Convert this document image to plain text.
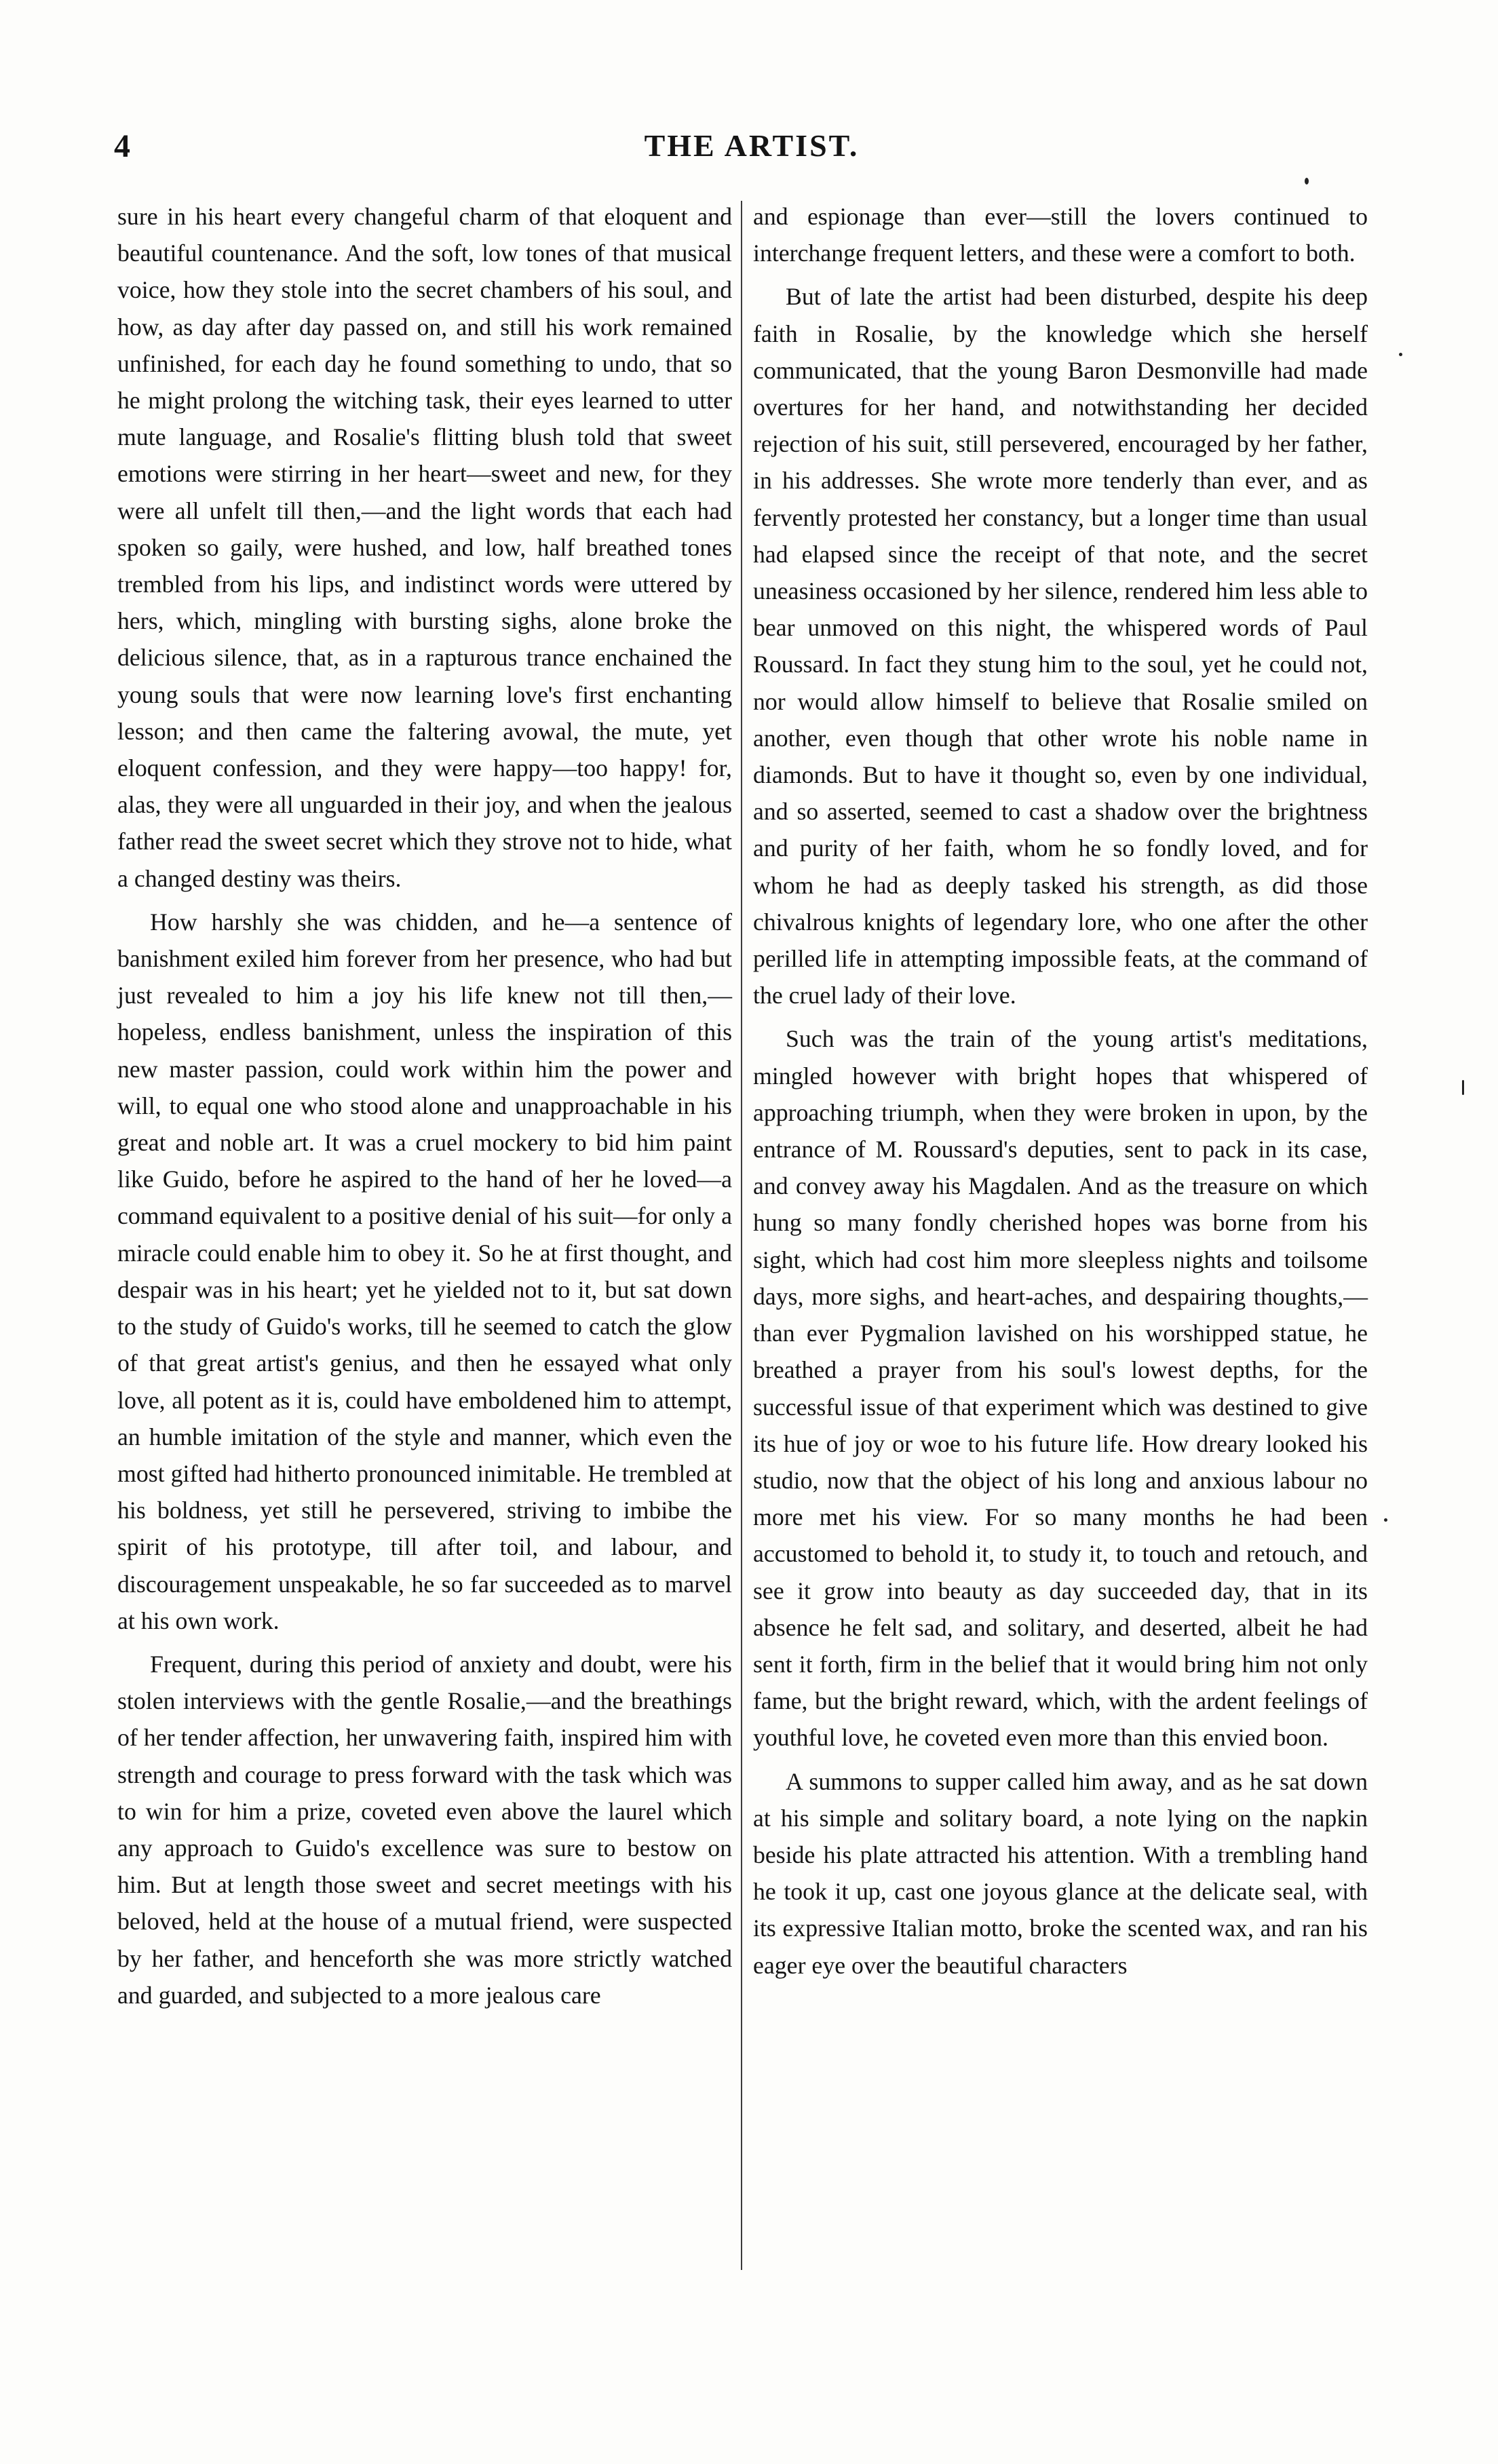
4	THE ARTIST.

sure in his heart every changeful charm of that eloquent and beautiful countenance. And the soft, low tones of that musical voice, how they stole into the secret chambers of his soul, and how, as day after day passed on, and still his work remained unfinished, for each day he found something to undo, that so he might prolong the witching task, their eyes learned to utter mute language, and Rosalie's flitting blush told that sweet emotions were stirring in her heart—sweet and new, for they were all unfelt till then,—and the light words that each had spoken so gaily, were hushed, and low, half breathed tones trembled from his lips, and indistinct words were uttered by hers, which, mingling with bursting sighs, alone broke the delicious silence, that, as in a rapturous trance enchained the young souls that were now learning love's first enchanting lesson; and then came the faltering avowal, the mute, yet eloquent confession, and they were happy—too happy! for, alas, they were all unguarded in their joy, and when the jealous father read the sweet secret which they strove not to hide, what a changed destiny was theirs.

How harshly she was chidden, and he—a sentence of banishment exiled him forever from her presence, who had but just revealed to him a joy his life knew not till then,—hopeless, endless banishment, unless the inspiration of this new master passion, could work within him the power and will, to equal one who stood alone and unapproachable in his great and noble art. It was a cruel mockery to bid him paint like Guido, before he aspired to the hand of her he loved—a command equivalent to a positive denial of his suit—for only a miracle could enable him to obey it. So he at first thought, and despair was in his heart; yet he yielded not to it, but sat down to the study of Guido's works, till he seemed to catch the glow of that great artist's genius, and then he essayed what only love, all potent as it is, could have emboldened him to attempt, an humble imitation of the style and manner, which even the most gifted had hitherto pronounced inimitable. He trembled at his boldness, yet still he persevered, striving to imbibe the spirit of his prototype, till after toil, and labour, and discouragement unspeakable, he so far succeeded as to marvel at his own work.

Frequent, during this period of anxiety and doubt, were his stolen interviews with the gentle Rosalie,—and the breathings of her tender affection, her unwavering faith, inspired him with strength and courage to press forward with the task which was to win for him a prize, coveted even above the laurel which any approach to Guido's excellence was sure to bestow on him. But at length those sweet and secret meetings with his beloved, held at the house of a mutual friend, were suspected by her father, and henceforth she was more strictly watched and guarded, and subjected to a more jealous care

and espionage than ever—still the lovers continued to interchange frequent letters, and these were a comfort to both.

But of late the artist had been disturbed, despite his deep faith in Rosalie, by the knowledge which she herself communicated, that the young Baron Desmonville had made overtures for her hand, and notwithstanding her decided rejection of his suit, still persevered, encouraged by her father, in his addresses. She wrote more tenderly than ever, and as fervently protested her constancy, but a longer time than usual had elapsed since the receipt of that note, and the secret uneasiness occasioned by her silence, rendered him less able to bear unmoved on this night, the whispered words of Paul Roussard. In fact they stung him to the soul, yet he could not, nor would allow himself to believe that Rosalie smiled on another, even though that other wrote his noble name in diamonds. But to have it thought so, even by one individual, and so asserted, seemed to cast a shadow over the brightness and purity of her faith, whom he so fondly loved, and for whom he had as deeply tasked his strength, as did those chivalrous knights of legendary lore, who one after the other perilled life in attempting impossible feats, at the command of the cruel lady of their love.

Such was the train of the young artist's meditations, mingled however with bright hopes that whispered of approaching triumph, when they were broken in upon, by the entrance of M. Roussard's deputies, sent to pack in its case, and convey away his Magdalen. And as the treasure on which hung so many fondly cherished hopes was borne from his sight, which had cost him more sleepless nights and toilsome days, more sighs, and heart-aches, and despairing thoughts,—than ever Pygmalion lavished on his worshipped statue, he breathed a prayer from his soul's lowest depths, for the successful issue of that experiment which was destined to give its hue of joy or woe to his future life. How dreary looked his studio, now that the object of his long and anxious labour no more met his view. For so many months he had been accustomed to behold it, to study it, to touch and retouch, and see it grow into beauty as day succeeded day, that in its absence he felt sad, and solitary, and deserted, albeit he had sent it forth, firm in the belief that it would bring him not only fame, but the bright reward, which, with the ardent feelings of youthful love, he coveted even more than this envied boon.

A summons to supper called him away, and as he sat down at his simple and solitary board, a note lying on the napkin beside his plate attracted his attention. With a trembling hand he took it up, cast one joyous glance at the delicate seal, with its expressive Italian motto, broke the scented wax, and ran his eager eye over the beautiful characters
